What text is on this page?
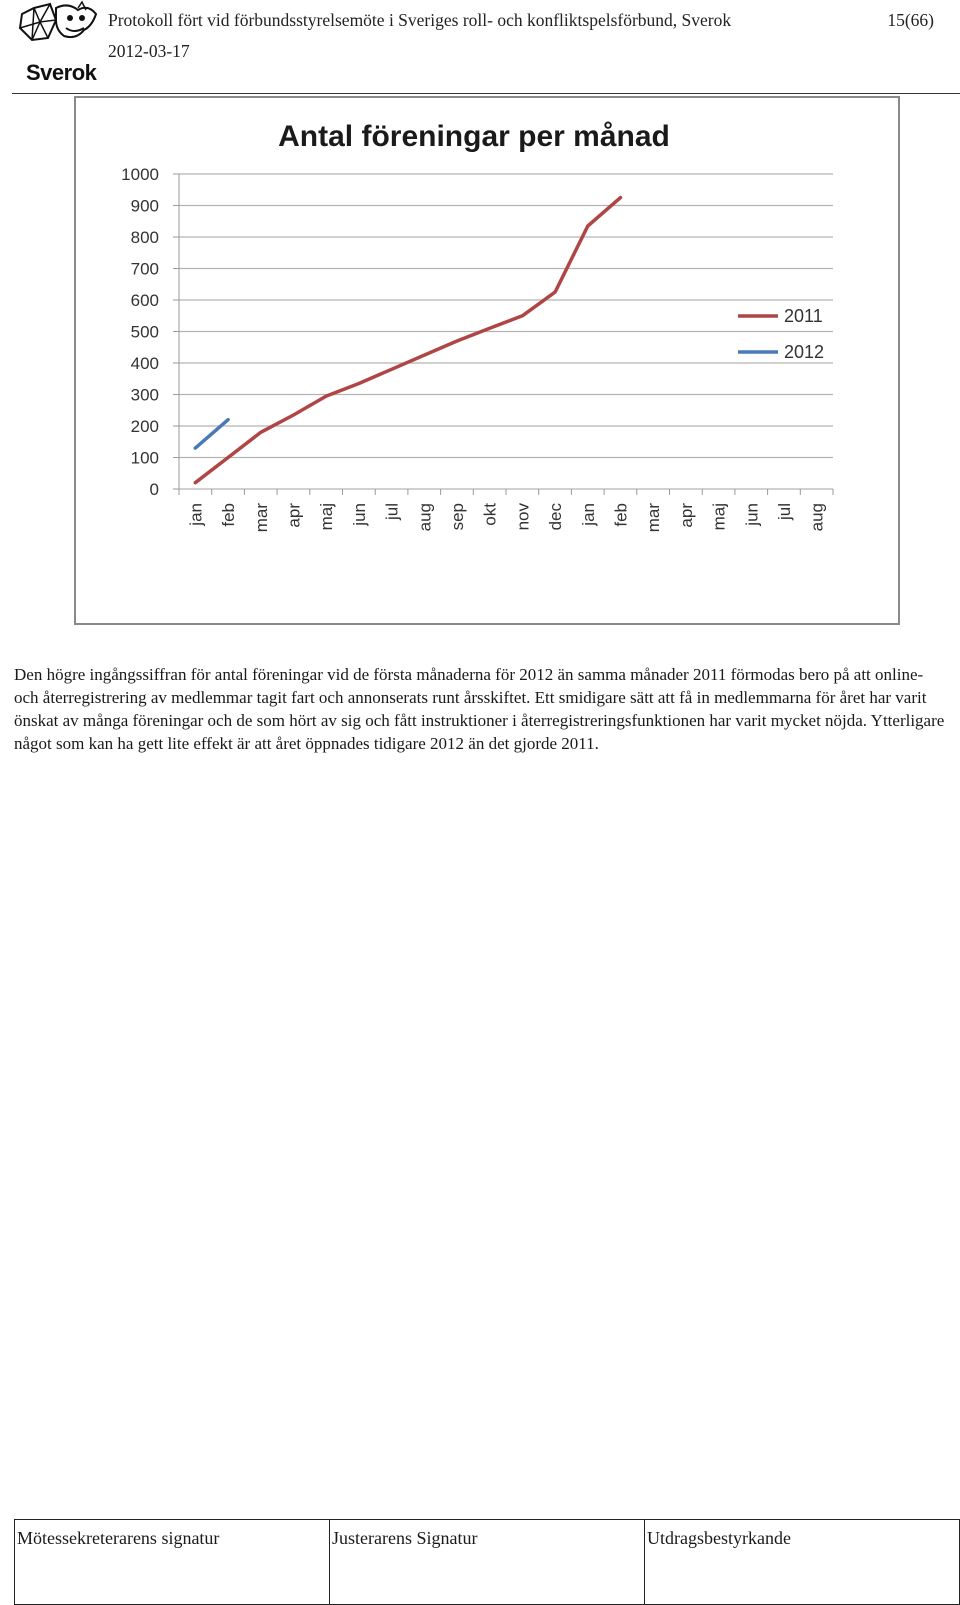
Sverok
Protokoll fört vid förbundsstyrelsemöte i Sveriges roll- och konfliktspelsförbund, Sverok	15(66)
2012-03-17
Antal föreningar per månad
0
100
200
300
400
500
600
700
800
900
1000
jan feb mar apr maj jun jul aug sep okt nov dec jan feb mar apr maj jun jul aug
2011
2012
Den högre ingångssiffran för antal föreningar vid de första månaderna för 2012 än samma månader 2011 förmodas bero på att online- och återregistrering av medlemmar tagit fart och annonserats runt årsskiftet. Ett smidigare sätt att få in medlemmarna för året har varit önskat av många föreningar och de som hört av sig och fått instruktioner i återregistreringsfunktionen har varit mycket nöjda. Ytterligare något som kan ha gett lite effekt är att året öppnades tidigare 2012 än det gjorde 2011.
Mötessekreterarens signatur	Justerarens Signatur	Utdragsbestyrkande
